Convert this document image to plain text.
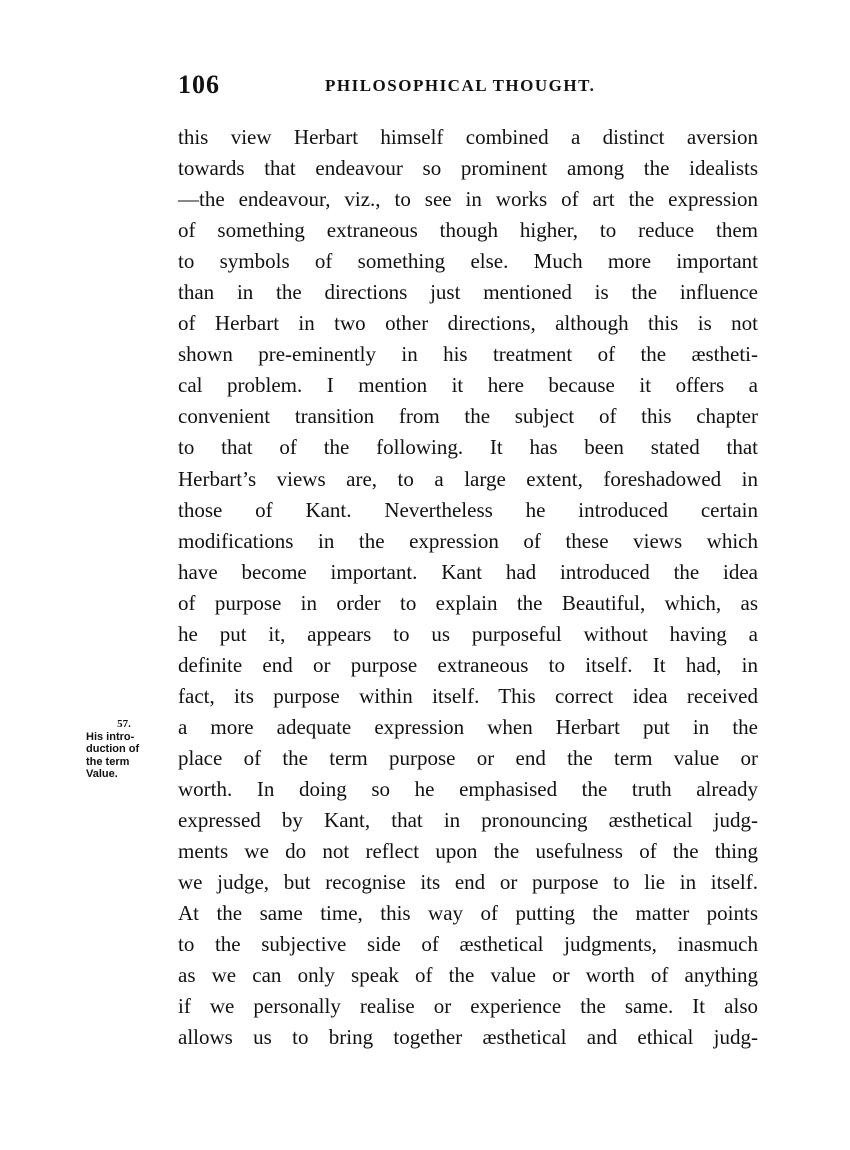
106	PHILOSOPHICAL THOUGHT.
57.
His intro-
duction of
the term
Value.
this view Herbart himself combined a distinct aversion
towards that endeavour so prominent among the idealists
—the endeavour, viz., to see in works of art the expression
of something extraneous though higher, to reduce them
to symbols of something else. Much more important
than in the directions just mentioned is the influence
of Herbart in two other directions, although this is not
shown pre-eminently in his treatment of the æstheti-
cal problem. I mention it here because it offers a
convenient transition from the subject of this chapter
to that of the following. It has been stated that
Herbart’s views are, to a large extent, foreshadowed in
those of Kant. Nevertheless he introduced certain
modifications in the expression of these views which
have become important. Kant had introduced the idea
of purpose in order to explain the Beautiful, which, as
he put it, appears to us purposeful without having a
definite end or purpose extraneous to itself. It had, in
fact, its purpose within itself. This correct idea received
a more adequate expression when Herbart put in the
place of the term purpose or end the term value or
worth. In doing so he emphasised the truth already
expressed by Kant, that in pronouncing æsthetical judg-
ments we do not reflect upon the usefulness of the thing
we judge, but recognise its end or purpose to lie in itself.
At the same time, this way of putting the matter points
to the subjective side of æsthetical judgments, inasmuch
as we can only speak of the value or worth of anything
if we personally realise or experience the same. It also
allows us to bring together æsthetical and ethical judg-
